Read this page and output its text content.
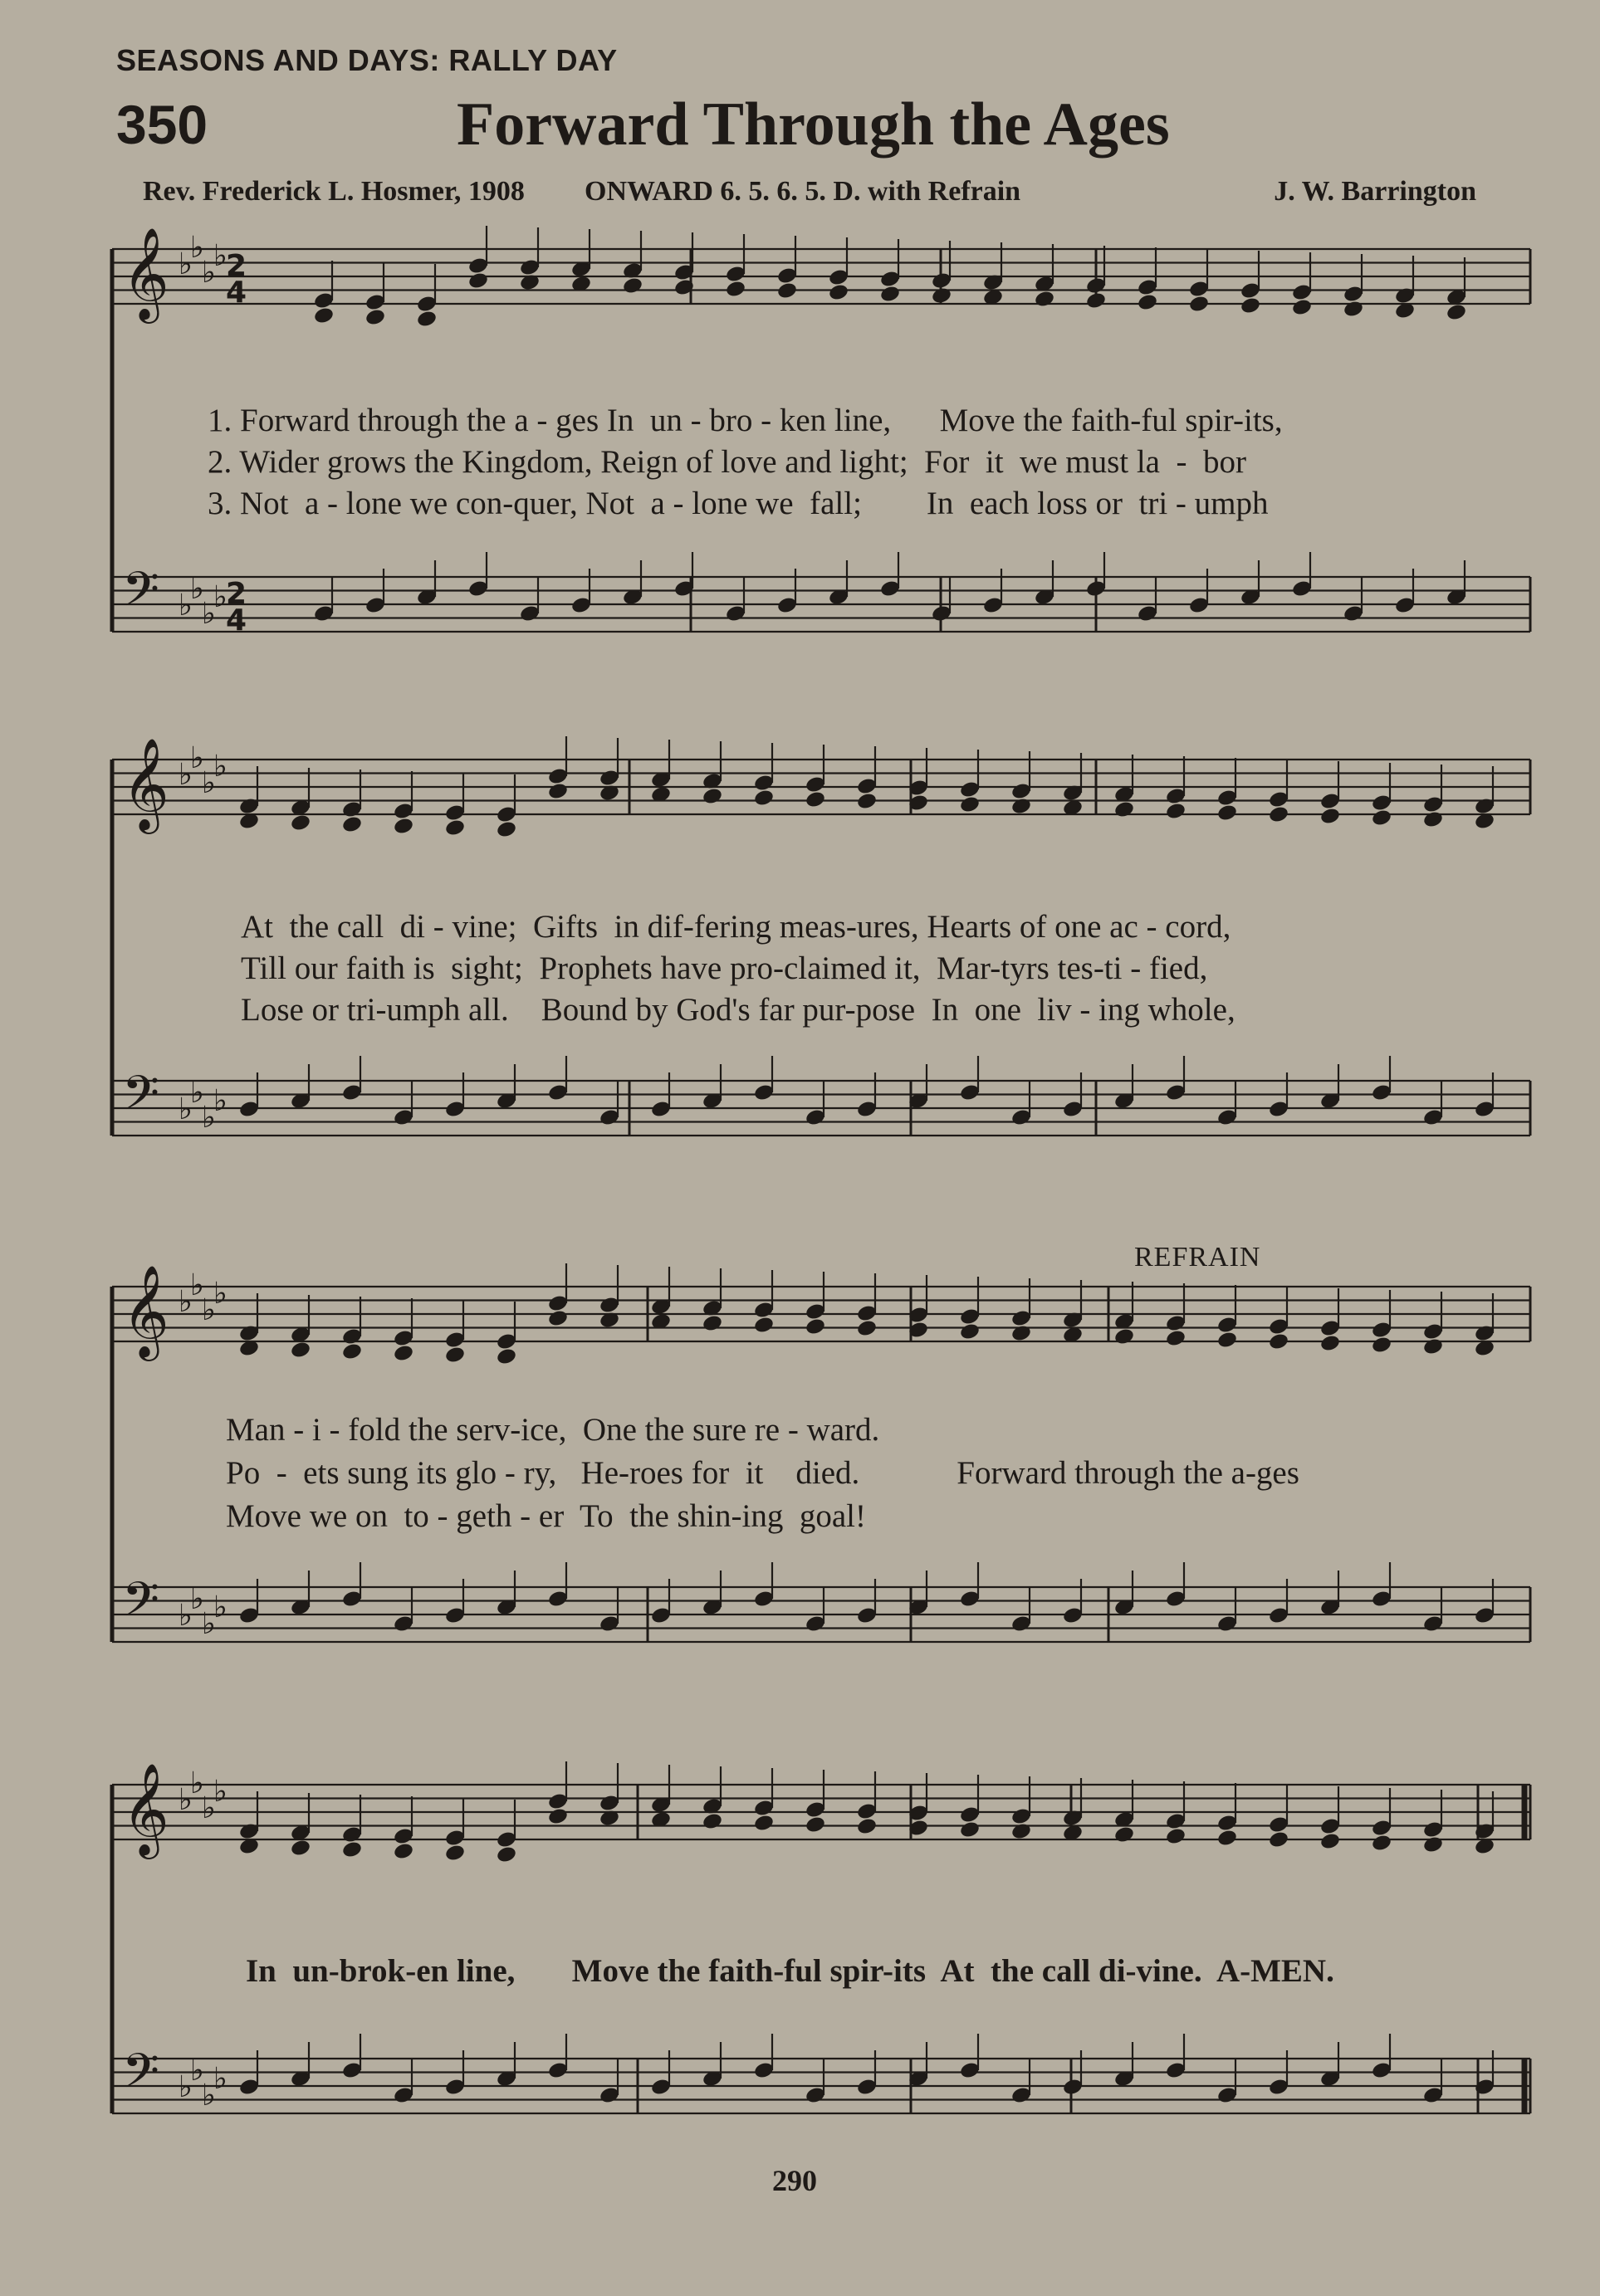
SEASONS AND DAYS: RALLY DAY
350	Forward Through the Ages
Rev. Frederick L. Hosmer, 1908 ONWARD 6. 5. 6. 5. D. with Refrain	J. W. Barrington
𝄞 ♭
♭
♭
♭
𝄢 ♭
♭
♭
♭
𝄞 ♭
♭
♭
♭
𝄢 ♭
♭
♭
♭
𝄞 ♭
♭
♭
♭
𝄢 ♭
♭
♭
♭
𝄞 ♭
♭
♭
♭
𝄢 ♭
♭
♭
♭
2
4
2
4
1. Forward through the a - ges In  un - bro - ken line,      Move the faith-ful spir-its,
2. Wider grows the Kingdom, Reign of love and light;  For  it  we must la  -  bor
3. Not  a - lone we con-quer, Not  a - lone we  fall;        In  each loss or  tri - umph
At  the call  di - vine;  Gifts  in dif-fering meas-ures, Hearts of one ac - cord,
Till our faith is  sight;  Prophets have pro-claimed it,  Mar-tyrs tes-ti - fied,
Lose or tri-umph all.    Bound by God's far pur-pose  In  one  liv - ing whole,
REFRAIN
Man - i - fold the serv-ice,  One the sure re - ward.
Po  -  ets sung its glo - ry,   He-roes for  it    died.            Forward through the a-ges
Move we on  to - geth - er  To  the shin-ing  goal!
In  un-brok-en line,       Move the faith-ful spir-its  At  the call di-vine.  A-MEN.
290
